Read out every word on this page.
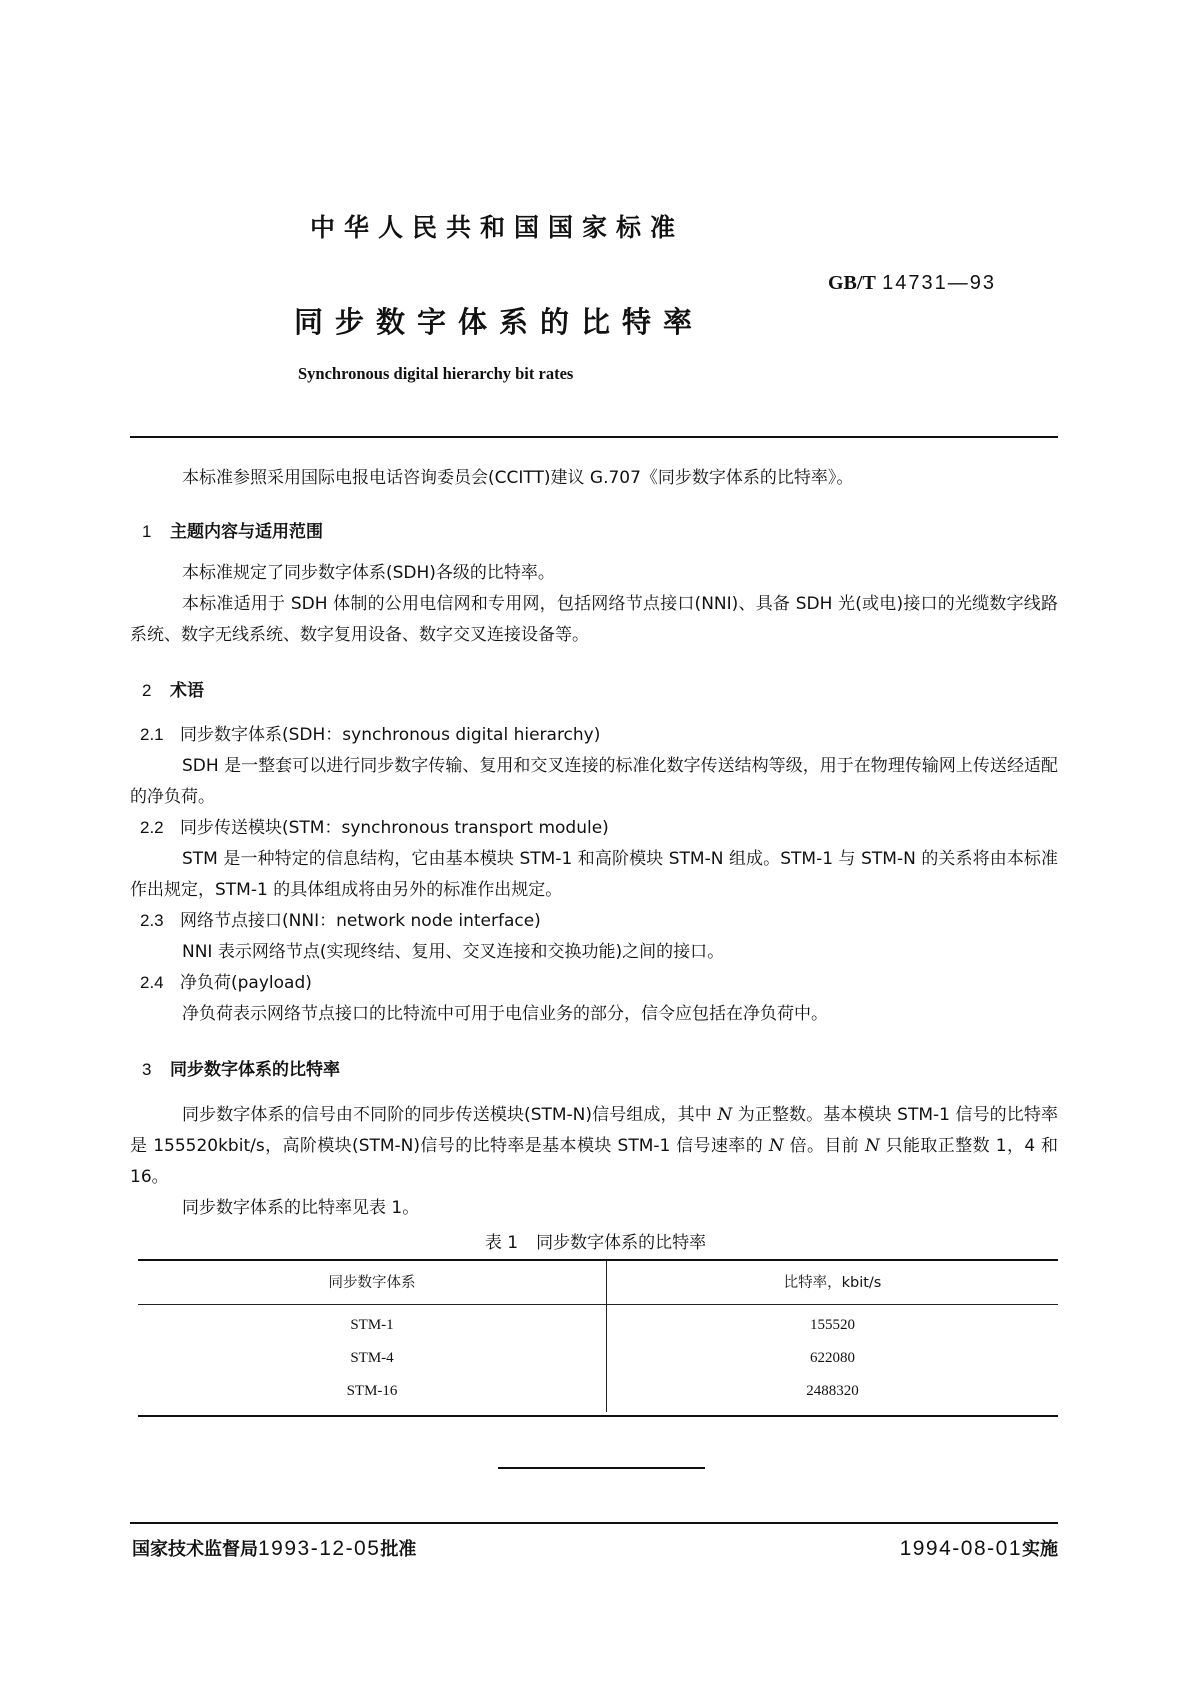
中华人民共和国国家标准
GB/T 14731—93
同步数字体系的比特率
Synchronous digital hierarchy bit rates
本标准参照采用国际电报电话咨询委员会(CCITT)建议 G.707《同步数字体系的比特率》。
1 主题内容与适用范围
本标准规定了同步数字体系(SDH)各级的比特率。
本标准适用于 SDH 体制的公用电信网和专用网，包括网络节点接口(NNI)、具备 SDH 光(或电)接口的光缆数字线路系统、数字无线系统、数字复用设备、数字交叉连接设备等。
2 术语
2.1 同步数字体系(SDH：synchronous digital hierarchy)
SDH 是一整套可以进行同步数字传输、复用和交叉连接的标准化数字传送结构等级，用于在物理传输网上传送经适配的净负荷。
2.2 同步传送模块(STM：synchronous transport module)
STM 是一种特定的信息结构，它由基本模块 STM-1 和高阶模块 STM-N 组成。STM-1 与 STM-N 的关系将由本标准作出规定，STM-1 的具体组成将由另外的标准作出规定。
2.3 网络节点接口(NNI：network node interface)
NNI 表示网络节点(实现终结、复用、交叉连接和交换功能)之间的接口。
2.4 净负荷(payload)
净负荷表示网络节点接口的比特流中可用于电信业务的部分，信令应包括在净负荷中。
3 同步数字体系的比特率
同步数字体系的信号由不同阶的同步传送模块(STM-N)信号组成，其中 N 为正整数。基本模块 STM-1 信号的比特率是 155520kbit/s，高阶模块(STM-N)信号的比特率是基本模块 STM-1 信号速率的 N 倍。目前 N 只能取正整数 1，4 和 16。
同步数字体系的比特率见表 1。
表 1 同步数字体系的比特率
同步数字体系	比特率，kbit/s
STM-1	155520
STM-4	622080
STM-16	2488320
国家技术监督局1993-12-05批准	1994-08-01实施
